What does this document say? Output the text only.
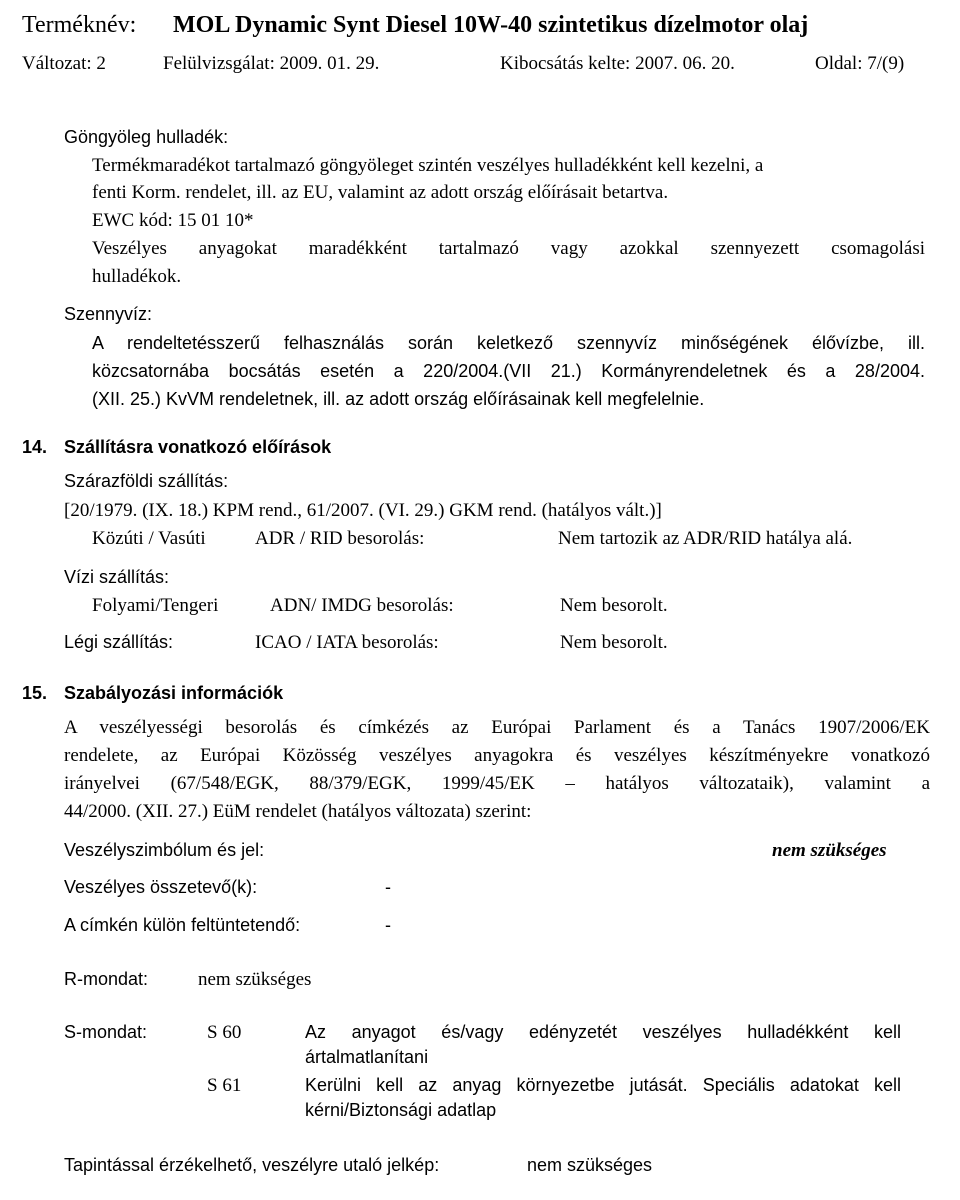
Terméknév: MOL Dynamic Synt Diesel 10W-40 szintetikus dízelmotor olaj
Változat: 2	Felülvizsgálat: 2009. 01. 29.	Kibocsátás kelte: 2007. 06. 20.	Oldal: 7/(9)
Göngyöleg hulladék:
Termékmaradékot tartalmazó göngyöleget szintén veszélyes hulladékként kell kezelni, a
fenti Korm. rendelet, ill. az EU, valamint az adott ország előírásait betartva.
EWC kód: 15 01 10*
Veszélyes anyagokat maradékként tartalmazó vagy azokkal szennyezett csomagolási
hulladékok.
Szennyvíz:
A rendeltetésszerű felhasználás során keletkező szennyvíz minőségének élővízbe, ill.
közcsatornába bocsátás esetén a 220/2004.(VII 21.) Kormányrendeletnek és a 28/2004.
(XII. 25.) KvVM rendeletnek, ill. az adott ország előírásainak kell megfelelnie.
14. Szállításra vonatkozó előírások
Szárazföldi szállítás:
[20/1979. (IX. 18.) KPM rend., 61/2007. (VI. 29.) GKM rend. (hatályos vált.)]
Közúti / Vasúti	ADR / RID besorolás:	Nem tartozik az ADR/RID hatálya alá.
Vízi szállítás:
Folyami/Tengeri	ADN/ IMDG besorolás:	Nem besorolt.
Légi szállítás:	ICAO / IATA besorolás:	Nem besorolt.
15. Szabályozási információk
A veszélyességi besorolás és címkézés az Európai Parlament és a Tanács 1907/2006/EK
rendelete, az Európai Közösség veszélyes anyagokra és veszélyes készítményekre vonatkozó
irányelvei (67/548/EGK, 88/379/EGK, 1999/45/EK – hatályos változataik), valamint a
44/2000. (XII. 27.) EüM rendelet (hatályos változata) szerint:
Veszélyszimbólum és jel:	nem szükséges
Veszélyes összetevő(k):	-
A címkén külön feltüntetendő:	-
R-mondat:	nem szükséges
S-mondat:	S 60	Az anyagot és/vagy edényzetét veszélyes hulladékként kell
ártalmatlanítani
S 61	Kerülni kell az anyag környezetbe jutását. Speciális adatokat kell
kérni/Biztonsági adatlap
Tapintással érzékelhető, veszélyre utaló jelkép:	nem szükséges
